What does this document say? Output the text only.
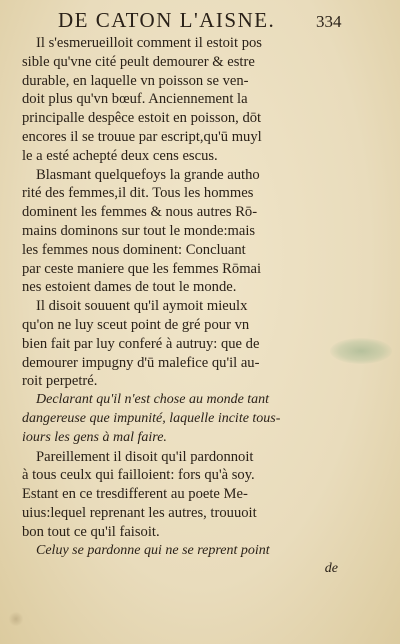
DE CATON L'AISNE. 334
Il s'esmerueilloit comment il estoit pos
sible qu'vne cité peult demourer & estre
durable, en laquelle vn poisson se ven-
doit plus qu'vn bœuf. Anciennement la
principalle despêce estoit en poisson, dōt
encores il se trouue par escript,qu'ū muyl
le a esté achepté deux cens escus.
Blasmant quelquefoys la grande autho
rité des femmes,il dit. Tous les hommes
dominent les femmes & nous autres Rō-
mains dominons sur tout le monde:mais
les femmes nous dominent: Concluant
par ceste maniere que les femmes Rōmai
nes estoient dames de tout le monde.
Il disoit souuent qu'il aymoit mieulx
qu'on ne luy sceut point de gré pour vn
bien fait par luy conferé à autruy: que de
demourer impugny d'ū malefice qu'il au-
roit perpetré.
Declarant qu'il n'est chose au monde tant
dangereuse que impunité, laquelle incite tous-
iours les gens à mal faire.
Pareillement il disoit qu'il pardonnoit
à tous ceulx qui failloient: fors qu'à soy.
Estant en ce tresdifferent au poete Me-
uius:lequel reprenant les autres, trouuoit
bon tout ce qu'il faisoit.
Celuy se pardonne qui ne se reprent point
de
